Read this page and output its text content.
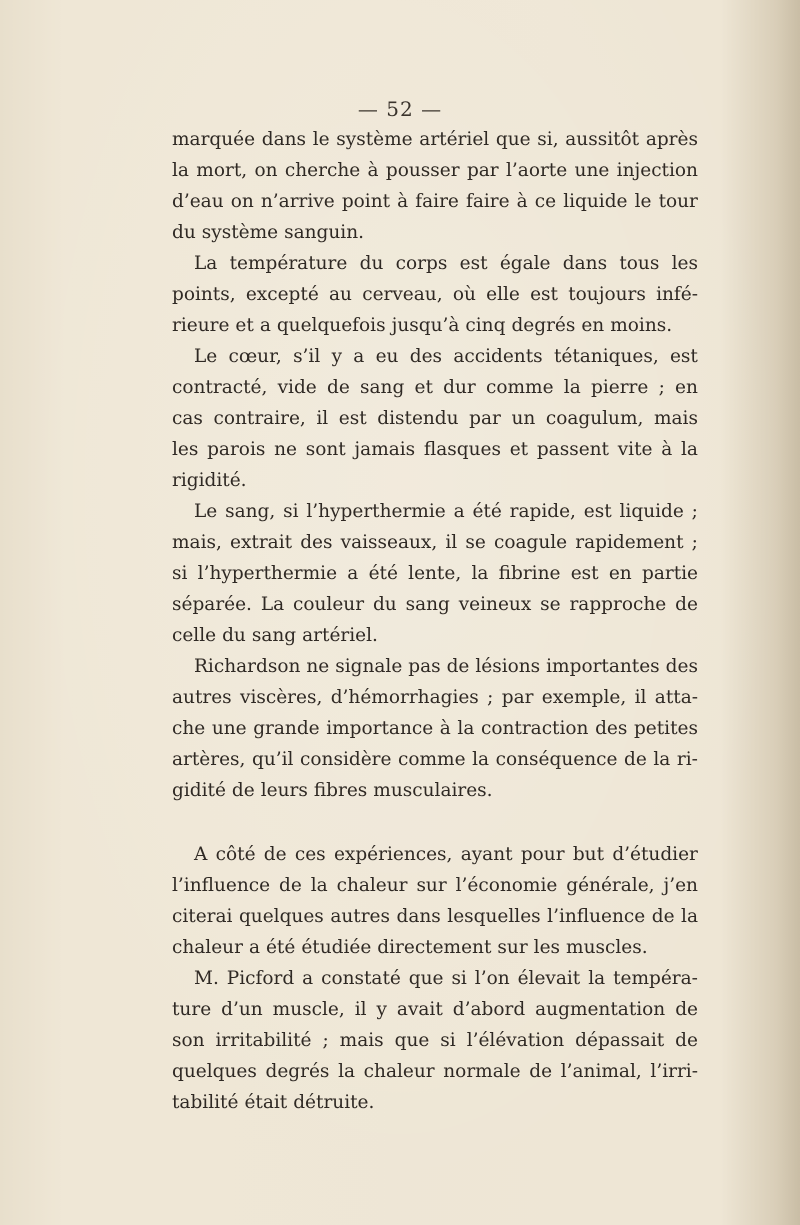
— 52 —
marquée dans le système artériel que si, aussitôt après
la mort, on cherche à pousser par l’aorte une injection
d’eau on n’arrive point à faire faire à ce liquide le tour
du système sanguin.
La température du corps est égale dans tous les
points, excepté au cerveau, où elle est toujours infé-
rieure et a quelquefois jusqu’à cinq degrés en moins.
Le cœur, s’il y a eu des accidents tétaniques, est
contracté, vide de sang et dur comme la pierre ; en
cas contraire, il est distendu par un coagulum, mais
les parois ne sont jamais flasques et passent vite à la
rigidité.
Le sang, si l’hyperthermie a été rapide, est liquide ;
mais, extrait des vaisseaux, il se coagule rapidement ;
si l’hyperthermie a été lente, la fibrine est en partie
séparée. La couleur du sang veineux se rapproche de
celle du sang artériel.
Richardson ne signale pas de lésions importantes des
autres viscères, d’hémorrhagies ; par exemple, il atta-
che une grande importance à la contraction des petites
artères, qu’il considère comme la conséquence de la ri-
gidité de leurs fibres musculaires.
A côté de ces expériences, ayant pour but d’étudier
l’influence de la chaleur sur l’économie générale, j’en
citerai quelques autres dans lesquelles l’influence de la
chaleur a été étudiée directement sur les muscles.
M. Picford a constaté que si l’on élevait la tempéra-
ture d’un muscle, il y avait d’abord augmentation de
son irritabilité ; mais que si l’élévation dépassait de
quelques degrés la chaleur normale de l’animal, l’irri-
tabilité était détruite.
